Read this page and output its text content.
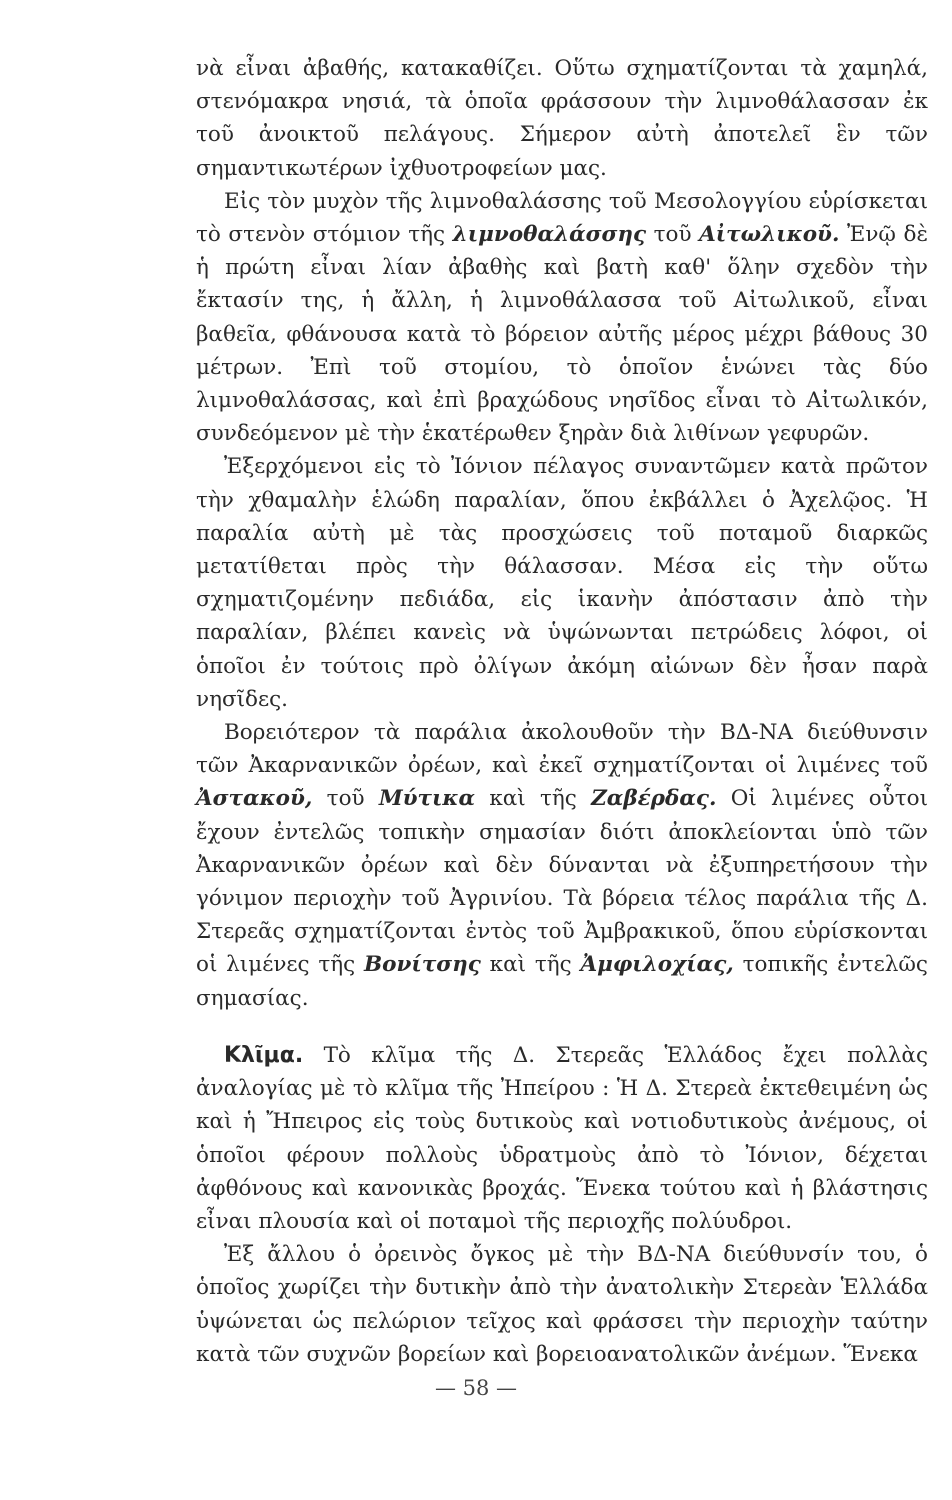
νὰ εἶναι ἀβαθής, κατακαθίζει. Οὕτω σχηματίζονται τὰ χαμηλά, στενόμακρα νησιά, τὰ ὁποῖα φράσσουν τὴν λιμνοθάλασσαν ἐκ τοῦ ἀνοικτοῦ πελάγους. Σήμερον αὐτὴ ἀποτελεῖ ἓν τῶν σημαντικωτέρων ἰχθυοτροφείων μας.

Εἰς τὸν μυχὸν τῆς λιμνοθαλάσσης τοῦ Μεσολογγίου εὑρίσκεται τὸ στενὸν στόμιον τῆς λιμνοθαλάσσης τοῦ Αἰτωλικοῦ. Ἐνῷ δὲ ἡ πρώτη εἶναι λίαν ἀβαθὴς καὶ βατὴ καθ' ὅλην σχεδὸν τὴν ἔκτασίν της, ἡ ἄλλη, ἡ λιμνοθάλασσα τοῦ Αἰτωλικοῦ, εἶναι βαθεῖα, φθάνουσα κατὰ τὸ βόρειον αὐτῆς μέρος μέχρι βάθους 30 μέτρων. Ἐπὶ τοῦ στομίου, τὸ ὁποῖον ἑνώνει τὰς δύο λιμνοθαλάσσας, καὶ ἐπὶ βραχώδους νησῖδος εἶναι τὸ Αἰτωλικόν, συνδεόμενον μὲ τὴν ἑκατέρωθεν ξηρὰν διὰ λιθίνων γεφυρῶν.

Ἐξερχόμενοι εἰς τὸ Ἰόνιον πέλαγος συναντῶμεν κατὰ πρῶτον τὴν χθαμαλὴν ἑλώδη παραλίαν, ὅπου ἐκβάλλει ὁ Ἀχελῷος. Ἡ παραλία αὐτὴ μὲ τὰς προσχώσεις τοῦ ποταμοῦ διαρκῶς μετατίθεται πρὸς τὴν θάλασσαν. Μέσα εἰς τὴν οὕτω σχηματιζομένην πεδιάδα, εἰς ἱκανὴν ἀπόστασιν ἀπὸ τὴν παραλίαν, βλέπει κανεὶς νὰ ὑψώνωνται πετρώδεις λόφοι, οἱ ὁποῖοι ἐν τούτοις πρὸ ὀλίγων ἀκόμη αἰώνων δὲν ἦσαν παρὰ νησῖδες.

Βορειότερον τὰ παράλια ἀκολουθοῦν τὴν ΒΔ-ΝΑ διεύθυνσιν τῶν Ἀκαρνανικῶν ὀρέων, καὶ ἐκεῖ σχηματίζονται οἱ λιμένες τοῦ Ἀστακοῦ, τοῦ Μύτικα καὶ τῆς Ζαβέρδας. Οἱ λιμένες οὗτοι ἔχουν ἐντελῶς τοπικὴν σημασίαν διότι ἀποκλείονται ὑπὸ τῶν Ἀκαρνανικῶν ὀρέων καὶ δὲν δύνανται νὰ ἐξυπηρετήσουν τὴν γόνιμον περιοχὴν τοῦ Ἀγρινίου. Τὰ βόρεια τέλος παράλια τῆς Δ. Στερεᾶς σχηματίζονται ἐντὸς τοῦ Ἀμβρακικοῦ, ὅπου εὑρίσκονται οἱ λιμένες τῆς Βονίτσης καὶ τῆς Ἀμφιλοχίας, τοπικῆς ἐντελῶς σημασίας.

Κλῖμα. Τὸ κλῖμα τῆς Δ. Στερεᾶς Ἑλλάδος ἔχει πολλὰς ἀναλογίας μὲ τὸ κλῖμα τῆς Ἠπείρου : Ἡ Δ. Στερεὰ ἐκτεθειμένη ὡς καὶ ἡ Ἤπειρος εἰς τοὺς δυτικοὺς καὶ νοτιοδυτικοὺς ἀνέμους, οἱ ὁποῖοι φέρουν πολλοὺς ὑδρατμοὺς ἀπὸ τὸ Ἰόνιον, δέχεται ἀφθόνους καὶ κανονικὰς βροχάς. Ἕνεκα τούτου καὶ ἡ βλάστησις εἶναι πλουσία καὶ οἱ ποταμοὶ τῆς περιοχῆς πολύυδροι.

Ἐξ ἄλλου ὁ ὀρεινὸς ὄγκος μὲ τὴν ΒΔ-ΝΑ διεύθυνσίν του, ὁ ὁποῖος χωρίζει τὴν δυτικὴν ἀπὸ τὴν ἀνατολικὴν Στερεὰν Ἑλλάδα ὑψώνεται ὡς πελώριον τεῖχος καὶ φράσσει τὴν περιοχὴν ταύτην κατὰ τῶν συχνῶν βορείων καὶ βορειοανατολικῶν ἀνέμων. Ἕνεκα

— 58 —
